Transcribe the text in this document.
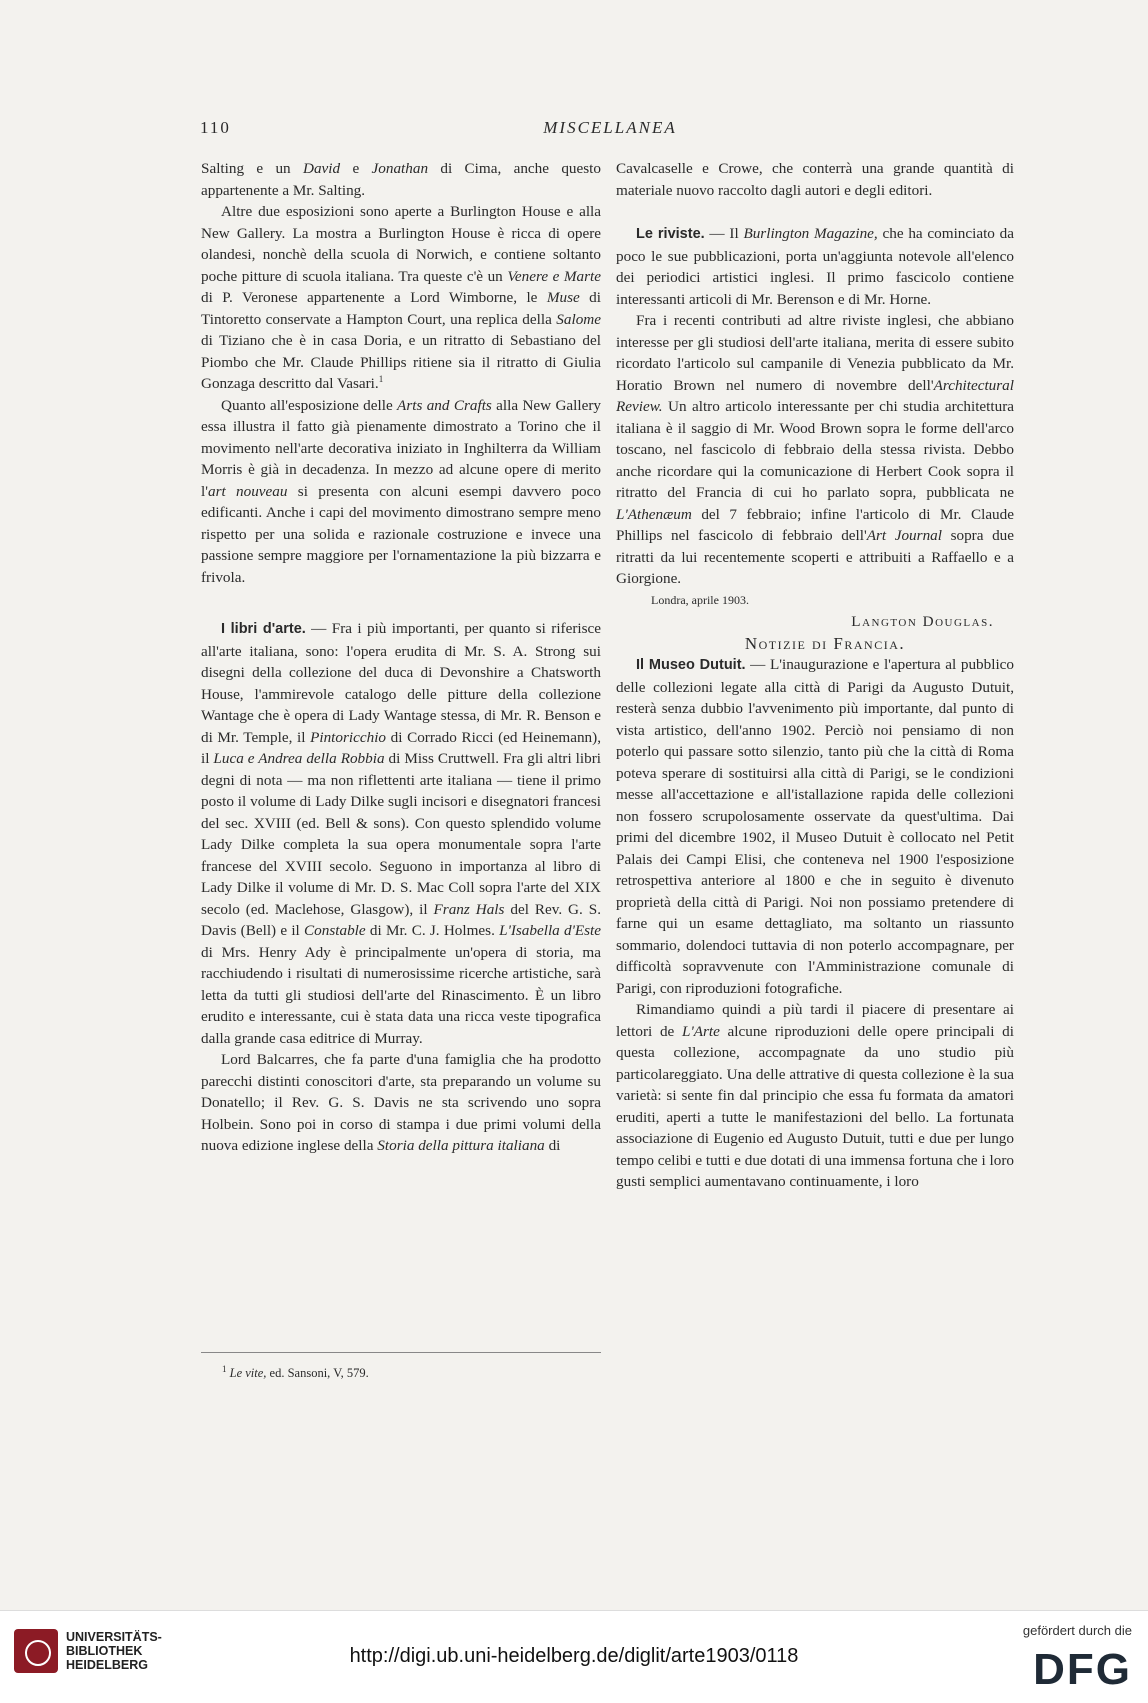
110	MISCELLANEA

Salting e un David e Jonathan di Cima, anche questo appartenente a Mr. Salting.

Altre due esposizioni sono aperte a Burlington House e alla New Gallery. La mostra a Burlington House è ricca di opere olandesi, nonchè della scuola di Norwich, e contiene soltanto poche pitture di scuola italiana. Tra queste c'è un Venere e Marte di P. Veronese appartenente a Lord Wimborne, le Muse di Tintoretto conservate a Hampton Court, una replica della Salome di Tiziano che è in casa Doria, e un ritratto di Sebastiano del Piombo che Mr. Claude Phillips ritiene sia il ritratto di Giulia Gonzaga descritto dal Vasari.$^1$

Quanto all'esposizione delle Arts and Crafts alla New Gallery essa illustra il fatto già pienamente dimostrato a Torino che il movimento nell'arte decorativa iniziato in Inghilterra da William Morris è già in decadenza. In mezzo ad alcune opere di merito l'art nouveau si presenta con alcuni esempi davvero poco edificanti. Anche i capi del movimento dimostrano sempre meno rispetto per una solida e razionale costruzione e invece una passione sempre maggiore per l'ornamentazione la più bizzarra e frivola.

I libri d'arte. — Fra i più importanti, per quanto si riferisce all'arte italiana, sono: l'opera erudita di Mr. S. A. Strong sui disegni della collezione del duca di Devonshire a Chatsworth House, l'ammirevole catalogo delle pitture della collezione Wantage che è opera di Lady Wantage stessa, di Mr. R. Benson e di Mr. Temple, il Pintoricchio di Corrado Ricci (ed Heinemann), il Luca e Andrea della Robbia di Miss Cruttwell. Fra gli altri libri degni di nota — ma non riflettenti arte italiana — tiene il primo posto il volume di Lady Dilke sugli incisori e disegnatori francesi del sec. XVIII (ed. Bell & sons). Con questo splendido volume Lady Dilke completa la sua opera monumentale sopra l'arte francese del XVIII secolo. Seguono in importanza al libro di Lady Dilke il volume di Mr. D. S. Mac Coll sopra l'arte del XIX secolo (ed. Maclehose, Glasgow), il Franz Hals del Rev. G. S. Davis (Bell) e il Constable di Mr. C. J. Holmes. L'Isabella d'Este di Mrs. Henry Ady è principalmente un'opera di storia, ma racchiudendo i risultati di numerosissime ricerche artistiche, sarà letta da tutti gli studiosi dell'arte del Rinascimento. È un libro erudito e interessante, cui è stata data una ricca veste tipografica dalla grande casa editrice di Murray.

Lord Balcarres, che fa parte d'una famiglia che ha prodotto parecchi distinti conoscitori d'arte, sta preparando un volume su Donatello; il Rev. G. S. Davis ne sta scrivendo uno sopra Holbein. Sono poi in corso di stampa i due primi volumi della nuova edizione inglese della Storia della pittura italiana di

Cavalcaselle e Crowe, che conterrà una grande quantità di materiale nuovo raccolto dagli autori e degli editori.

Le riviste. — Il Burlington Magazine, che ha cominciato da poco le sue pubblicazioni, porta un'aggiunta notevole all'elenco dei periodici artistici inglesi. Il primo fascicolo contiene interessanti articoli di Mr. Berenson e di Mr. Horne.

Fra i recenti contributi ad altre riviste inglesi, che abbiano interesse per gli studiosi dell'arte italiana, merita di essere subito ricordato l'articolo sul campanile di Venezia pubblicato da Mr. Horatio Brown nel numero di novembre dell'Architectural Review. Un altro articolo interessante per chi studia architettura italiana è il saggio di Mr. Wood Brown sopra le forme dell'arco toscano, nel fascicolo di febbraio della stessa rivista. Debbo anche ricordare qui la comunicazione di Herbert Cook sopra il ritratto del Francia di cui ho parlato sopra, pubblicata ne L'Athenæum del 7 febbraio; infine l'articolo di Mr. Claude Phillips nel fascicolo di febbraio dell'Art Journal sopra due ritratti da lui recentemente scoperti e attribuiti a Raffaello e a Giorgione.

Londra, aprile 1903.

Langton Douglas.

Notizie di Francia.

Il Museo Dutuit. — L'inaugurazione e l'apertura al pubblico delle collezioni legate alla città di Parigi da Augusto Dutuit, resterà senza dubbio l'avvenimento più importante, dal punto di vista artistico, dell'anno 1902. Perciò noi pensiamo di non poterlo qui passare sotto silenzio, tanto più che la città di Roma poteva sperare di sostituirsi alla città di Parigi, se le condizioni messe all'accettazione e all'istallazione rapida delle collezioni non fossero scrupolosamente osservate da quest'ultima. Dai primi del dicembre 1902, il Museo Dutuit è collocato nel Petit Palais dei Campi Elisi, che conteneva nel 1900 l'esposizione retrospettiva anteriore al 1800 e che in seguito è divenuto proprietà della città di Parigi. Noi non possiamo pretendere di farne qui un esame dettagliato, ma soltanto un riassunto sommario, dolendoci tuttavia di non poterlo accompagnare, per difficoltà sopravvenute con l'Amministrazione comunale di Parigi, con riproduzioni fotografiche.

Rimandiamo quindi a più tardi il piacere di presentare ai lettori de L'Arte alcune riproduzioni delle opere principali di questa collezione, accompagnate da uno studio più particolareggiato. Una delle attrative di questa collezione è la sua varietà: si sente fin dal principio che essa fu formata da amatori eruditi, aperti a tutte le manifestazioni del bello. La fortunata associazione di Eugenio ed Augusto Dutuit, tutti e due per lungo tempo celibi e tutti e due dotati di una immensa fortuna che i loro gusti semplici aumentavano continuamente, i loro

$^1$ Le vite, ed. Sansoni, V, 579.
UNIVERSITÄTS-
BIBLIOTHEK
HEIDELBERG	http://digi.ub.uni-heidelberg.de/diglit/arte1903/0118
gefördert durch die
DFG
